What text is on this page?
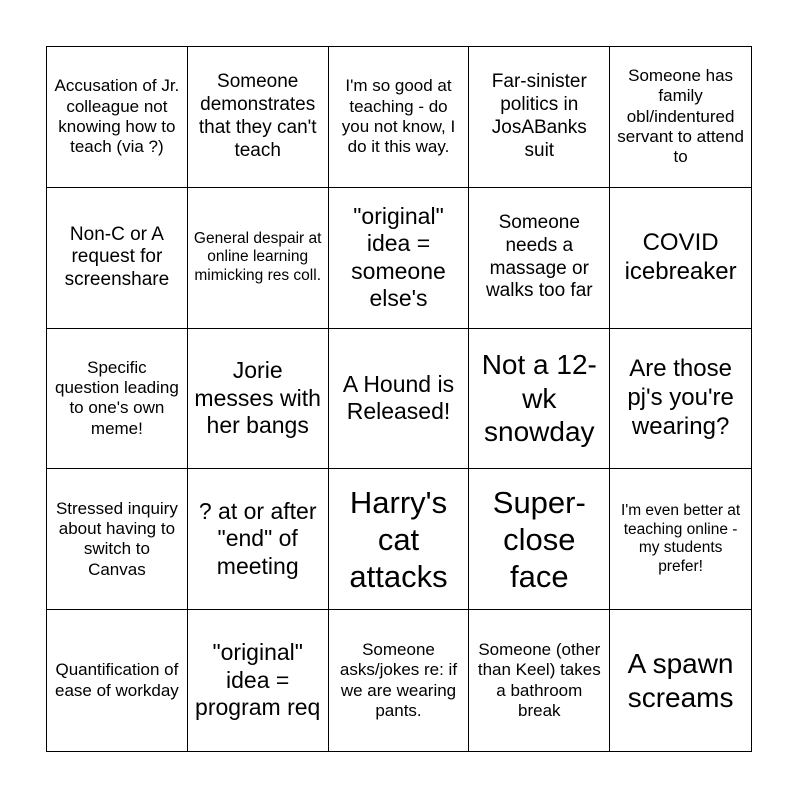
Accusation of Jr. colleague not knowing how to teach (via ?)
Someone demonstrates that they can't teach
I'm so good at teaching - do you not know, I do it this way.
Far-sinister politics in JosABanks suit
Someone has family obl/indentured servant to attend to
Non-C or A request for screenshare
General despair at online learning mimicking res coll.
"original" idea = someone else's
Someone needs a massage or walks too far
COVID icebreaker
Specific question leading to one's own meme!
Jorie messes with her bangs
A Hound is Released!
Not a 12-wk snowday
Are those pj's you're wearing?
Stressed inquiry about having to switch to Canvas
? at or after "end" of meeting
Harry's cat attacks
Super-close face
I'm even better at teaching online - my students prefer!
Quantification of ease of workday
"original" idea = program req
Someone asks/jokes re: if we are wearing pants.
Someone (other than Keel) takes a bathroom break
A spawn screams
